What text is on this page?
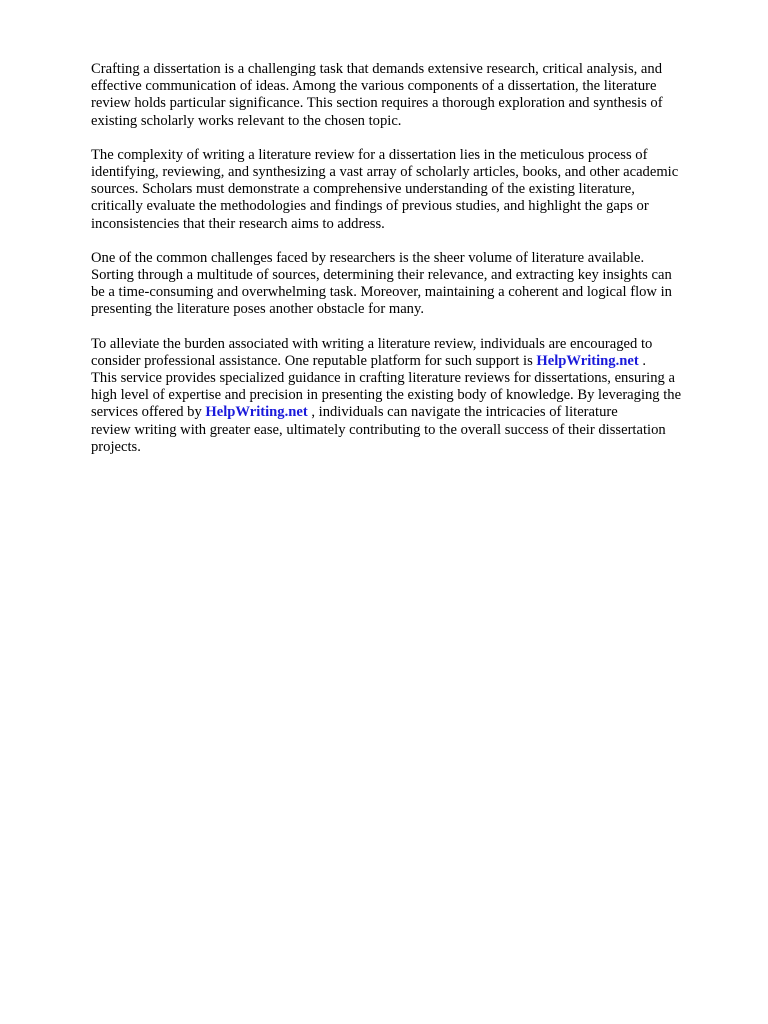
Crafting a dissertation is a challenging task that demands extensive research, critical analysis, and
effective communication of ideas. Among the various components of a dissertation, the literature
review holds particular significance. This section requires a thorough exploration and synthesis of
existing scholarly works relevant to the chosen topic.

The complexity of writing a literature review for a dissertation lies in the meticulous process of
identifying, reviewing, and synthesizing a vast array of scholarly articles, books, and other academic
sources. Scholars must demonstrate a comprehensive understanding of the existing literature,
critically evaluate the methodologies and findings of previous studies, and highlight the gaps or
inconsistencies that their research aims to address.

One of the common challenges faced by researchers is the sheer volume of literature available.
Sorting through a multitude of sources, determining their relevance, and extracting key insights can
be a time-consuming and overwhelming task. Moreover, maintaining a coherent and logical flow in
presenting the literature poses another obstacle for many.

To alleviate the burden associated with writing a literature review, individuals are encouraged to
consider professional assistance. One reputable platform for such support is HelpWriting.net .
This service provides specialized guidance in crafting literature reviews for dissertations, ensuring a
high level of expertise and precision in presenting the existing body of knowledge. By leveraging the
services offered by HelpWriting.net , individuals can navigate the intricacies of literature
review writing with greater ease, ultimately contributing to the overall success of their dissertation
projects.
